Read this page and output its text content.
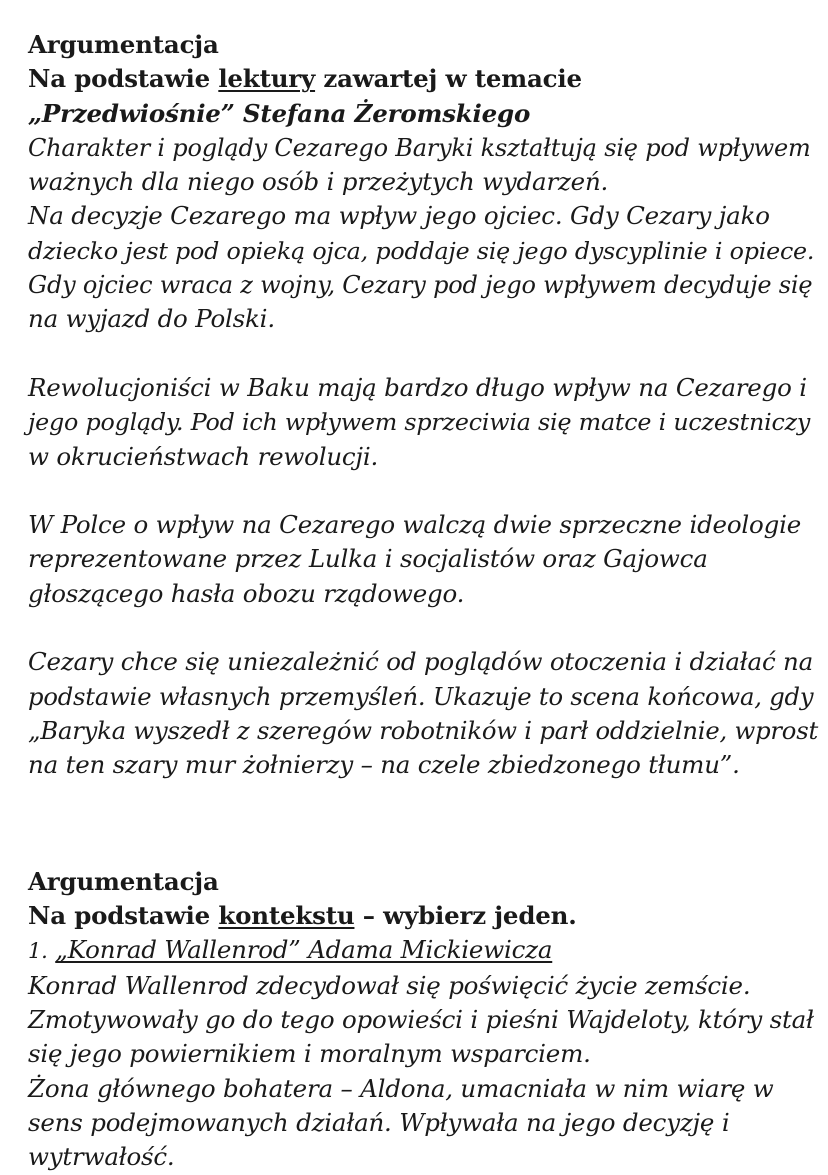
Argumentacja
Na podstawie lektury zawartej w temacie
„Przedwiośnie” Stefana Żeromskiego
Charakter i poglądy Cezarego Baryki kształtują się pod wpływem
ważnych dla niego osób i przeżytych wydarzeń.
Na decyzje Cezarego ma wpływ jego ojciec. Gdy Cezary jako
dziecko jest pod opieką ojca, poddaje się jego dyscyplinie i opiece.
Gdy ojciec wraca z wojny, Cezary pod jego wpływem decyduje się
na wyjazd do Polski.
Rewolucjoniści w Baku mają bardzo długo wpływ na Cezarego i
jego poglądy. Pod ich wpływem sprzeciwia się matce i uczestniczy
w okrucieństwach rewolucji.
W Polce o wpływ na Cezarego walczą dwie sprzeczne ideologie
reprezentowane przez Lulka i socjalistów oraz Gajowca
głoszącego hasła obozu rządowego.
Cezary chce się uniezależnić od poglądów otoczenia i działać na
podstawie własnych przemyśleń. Ukazuje to scena końcowa, gdy
„Baryka wyszedł z szeregów robotników i parł oddzielnie, wprost
na ten szary mur żołnierzy – na czele zbiedzonego tłumu”.
Argumentacja
Na podstawie kontekstu – wybierz jeden.
1. „Konrad Wallenrod” Adama Mickiewicza
Konrad Wallenrod zdecydował się poświęcić życie zemście.
Zmotywowały go do tego opowieści i pieśni Wajdeloty, który stał
się jego powiernikiem i moralnym wsparciem.
Żona głównego bohatera – Aldona, umacniała w nim wiarę w
sens podejmowanych działań. Wpływała na jego decyzję i
wytrwałość.
